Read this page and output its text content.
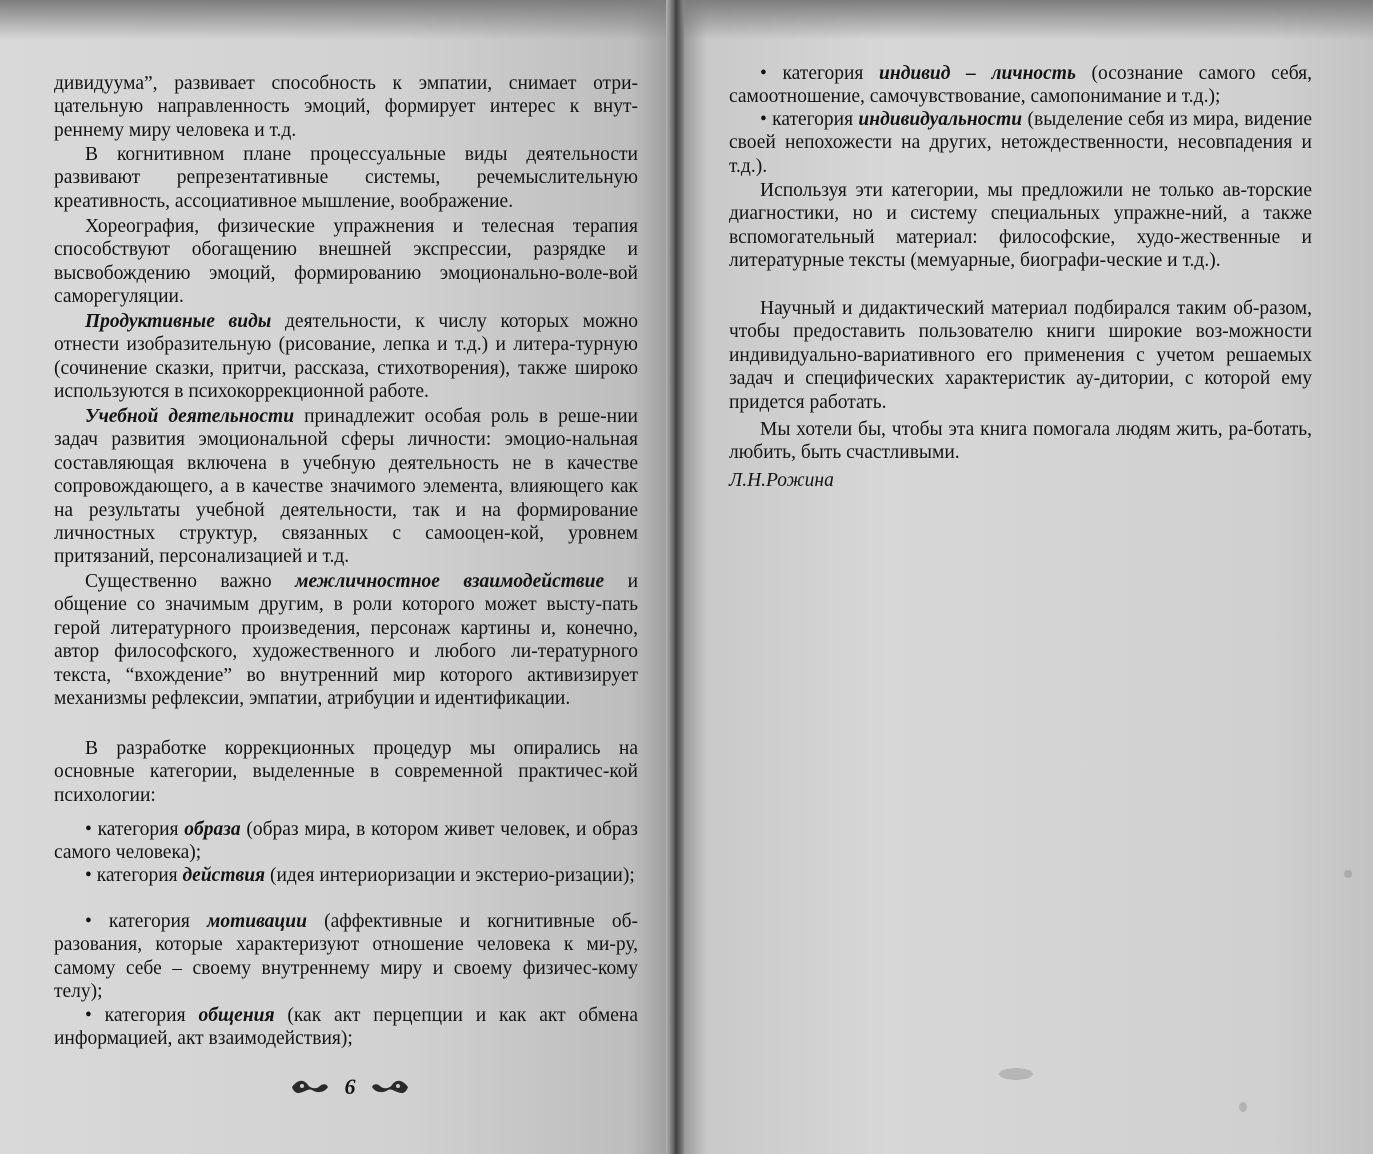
дивидуума”, развивает способность к эмпатии, снимает отри-цательную направленность эмоций, формирует интерес к внут-реннему миру человека и т.д.

В когнитивном плане процессуальные виды деятельности развивают репрезентативные системы, речемыслительную креативность, ассоциативное мышление, воображение.

Хореография, физические упражнения и телесная терапия способствуют обогащению внешней экспрессии, разрядке и высвобождению эмоций, формированию эмоционально-воле-вой саморегуляции.

Продуктивные виды деятельности, к числу которых можно отнести изобразительную (рисование, лепка и т.д.) и литера-турную (сочинение сказки, притчи, рассказа, стихотворения), также широко используются в психокоррекционной работе.

Учебной деятельности принадлежит особая роль в реше-нии задач развития эмоциональной сферы личности: эмоцио-нальная составляющая включена в учебную деятельность не в качестве сопровождающего, а в качестве значимого элемента, влияющего как на результаты учебной деятельности, так и на формирование личностных структур, связанных с самооцен-кой, уровнем притязаний, персонализацией и т.д.

Существенно важно межличностное взаимодействие и общение со значимым другим, в роли которого может высту-пать герой литературного произведения, персонаж картины и, конечно, автор философского, художественного и любого ли-тературного текста, “вхождение” во внутренний мир которого активизирует механизмы рефлексии, эмпатии, атрибуции и идентификации.

В разработке коррекционных процедур мы опирались на основные категории, выделенные в современной практичес-кой психологии:

• категория образа (образ мира, в котором живет человек, и образ самого человека);

• категория действия (идея интериоризации и экстерио-ризации);

• категория мотивации (аффективные и когнитивные об-разования, которые характеризуют отношение человека к ми-ру, самому себе – своему внутреннему миру и своему физичес-кому телу);

• категория общения (как акт перцепции и как акт обмена информацией, акт взаимодействия);

6

• категория индивид – личность (осознание самого себя, самоотношение, самочувствование, самопонимание и т.д.);

• категория индивидуальности (выделение себя из мира, видение своей непохожести на других, нетождественности, несовпадения и т.д.).

Используя эти категории, мы предложили не только ав-торские диагностики, но и систему специальных упражне-ний, а также вспомогательный материал: философские, худо-жественные и литературные тексты (мемуарные, биографи-ческие и т.д.).

Научный и дидактический материал подбирался таким об-разом, чтобы предоставить пользователю книги широкие воз-можности индивидуально-вариативного его применения с учетом решаемых задач и специфических характеристик ау-дитории, с которой ему придется работать.

Мы хотели бы, чтобы эта книга помогала людям жить, ра-ботать, любить, быть счастливыми.

Л.Н.Рожина
